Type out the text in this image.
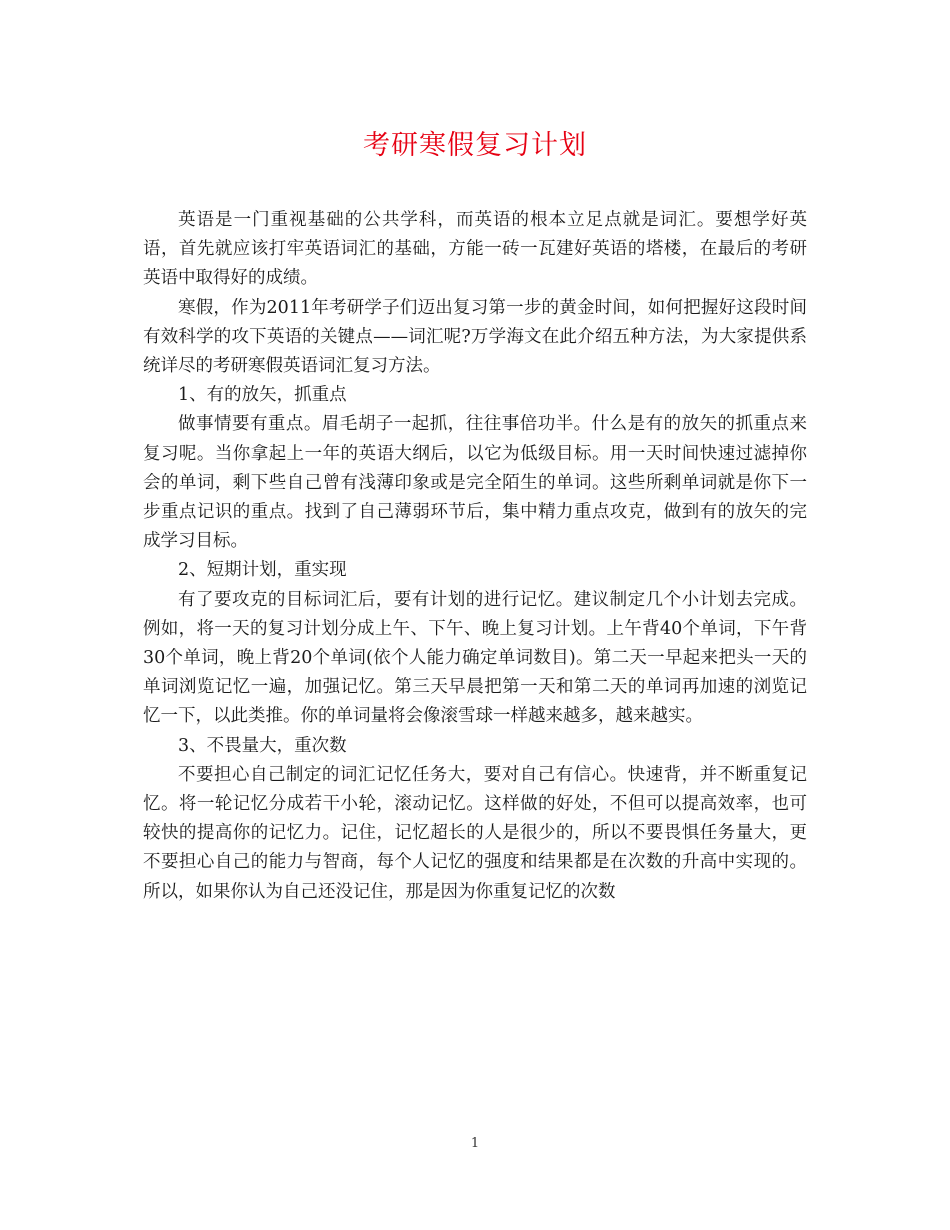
考研寒假复习计划

英语是一门重视基础的公共学科，而英语的根本立足点就是词汇。要想学好英语，首先就应该打牢英语词汇的基础，方能一砖一瓦建好英语的塔楼，在最后的考研英语中取得好的成绩。

寒假，作为2011年考研学子们迈出复习第一步的黄金时间，如何把握好这段时间有效科学的攻下英语的关键点——词汇呢?万学海文在此介绍五种方法，为大家提供系统详尽的考研寒假英语词汇复习方法。

1、有的放矢，抓重点

做事情要有重点。眉毛胡子一起抓，往往事倍功半。什么是有的放矢的抓重点来复习呢。当你拿起上一年的英语大纲后，以它为低级目标。用一天时间快速过滤掉你会的单词，剩下些自己曾有浅薄印象或是完全陌生的单词。这些所剩单词就是你下一步重点记识的重点。找到了自己薄弱环节后，集中精力重点攻克，做到有的放矢的完成学习目标。

2、短期计划，重实现

有了要攻克的目标词汇后，要有计划的进行记忆。建议制定几个小计划去完成。例如，将一天的复习计划分成上午、下午、晚上复习计划。上午背40个单词，下午背30个单词，晚上背20个单词(依个人能力确定单词数目)。第二天一早起来把头一天的单词浏览记忆一遍，加强记忆。第三天早晨把第一天和第二天的单词再加速的浏览记忆一下，以此类推。你的单词量将会像滚雪球一样越来越多，越来越实。

3、不畏量大，重次数

不要担心自己制定的词汇记忆任务大，要对自己有信心。快速背，并不断重复记忆。将一轮记忆分成若干小轮，滚动记忆。这样做的好处，不但可以提高效率，也可较快的提高你的记忆力。记住，记忆超长的人是很少的，所以不要畏惧任务量大，更不要担心自己的能力与智商，每个人记忆的强度和结果都是在次数的升高中实现的。所以，如果你认为自己还没记住，那是因为你重复记忆的次数

1
